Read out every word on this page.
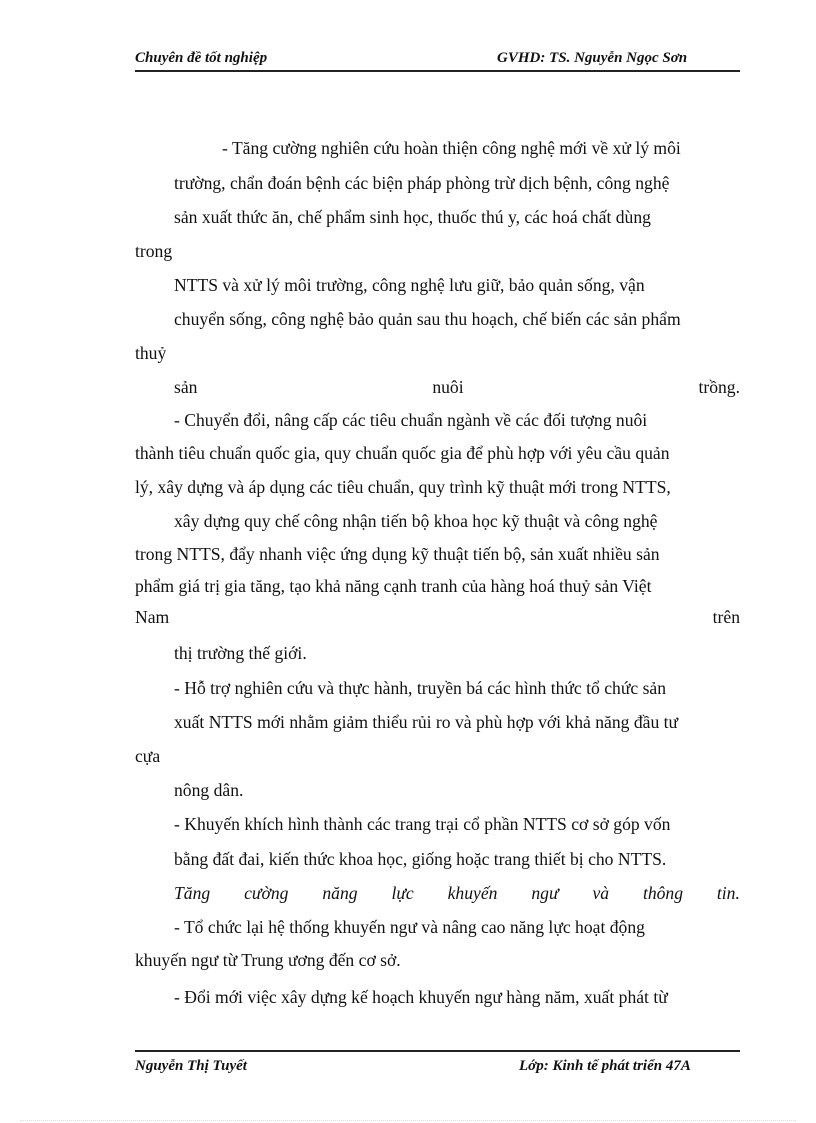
Chuyên đề tốt nghiệp	GVHD: TS. Nguyễn Ngọc Sơn
- Tăng cường nghiên cứu hoàn thiện công nghệ mới về xử lý môi
trường, chẩn đoán bệnh các biện pháp phòng trừ dịch bệnh, công nghệ
sản xuất thức ăn, chế phẩm sinh học, thuốc thú y, các hoá chất dùng
trong
NTTS và xử lý môi trường, công nghệ lưu giữ, bảo quản sống, vận
chuyển sống, công nghệ bảo quản sau thu hoạch, chế biến các sản phẩm
thuỷ
sản	nuôi	trồng.
- Chuyển đổi, nâng cấp các tiêu chuẩn ngành về các đối tượng nuôi
thành tiêu chuẩn quốc gia, quy chuẩn quốc gia để phù hợp với yêu cầu quản
lý, xây dựng và áp dụng các tiêu chuẩn, quy trình kỹ thuật mới trong NTTS,
xây dựng quy chế công nhận tiến bộ khoa học kỹ thuật và công nghệ
trong NTTS, đẩy nhanh việc ứng dụng kỹ thuật tiến bộ, sản xuất nhiều sản
phẩm giá trị gia tăng, tạo khả năng cạnh tranh của hàng hoá thuỷ sản Việt
Nam	trên
thị trường thế giới.
- Hỗ trợ nghiên cứu và thực hành, truyền bá các hình thức tổ chức sản
xuất NTTS mới nhằm giảm thiểu rủi ro và phù hợp với khả năng đầu tư
cựa
nông dân.
- Khuyến khích hình thành các trang trại cổ phần NTTS cơ sở góp vốn
bằng đất đai, kiến thức khoa học, giống hoặc trang thiết bị cho NTTS.
Tăng cường năng lực khuyến ngư và thông tin.
- Tổ chức lại hệ thống khuyến ngư và nâng cao năng lực hoạt động
khuyến ngư từ Trung ương đến cơ sở.
- Đổi mới việc xây dựng kế hoạch khuyến ngư hàng năm, xuất phát từ
Nguyễn Thị Tuyết	Lớp: Kinh tế phát triển 47A
